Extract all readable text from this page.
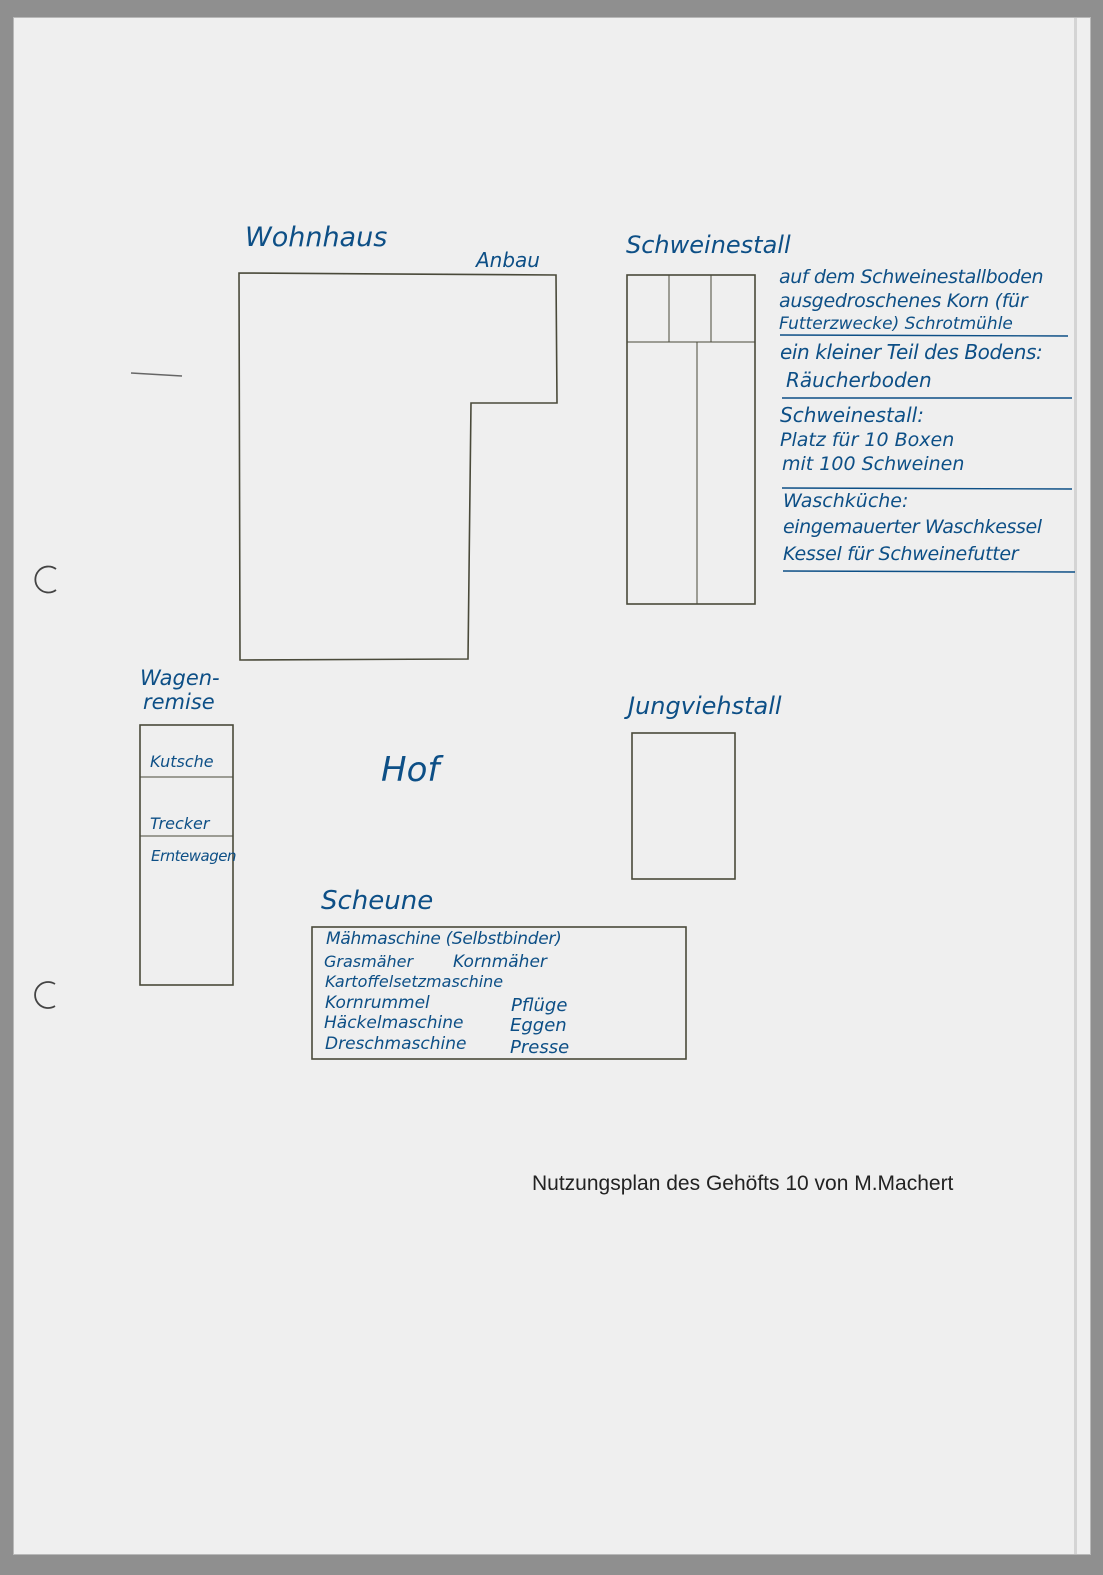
Wohnhaus
Anbau
Schweinestall
Wagen-
remise
Kutsche
Trecker
Erntewagen
Hof
Jungviehstall
Scheune
auf dem Schweinestallboden
ausgedroschenes Korn (für
Futterzwecke) Schrotmühle
ein kleiner Teil des Bodens:
Räucherboden
Schweinestall:
Platz für 10 Boxen
mit 100 Schweinen
Waschküche:
eingemauerter Waschkessel
Kessel für Schweinefutter
Mähmaschine (Selbstbinder)
Grasmäher Kornmäher
Kartoffelsetzmaschine
Kornrummel	Pflüge
Häckelmaschine	Eggen
Dreschmaschine Presse
Nutzungsplan des Gehöfts 10 von M.Machert
